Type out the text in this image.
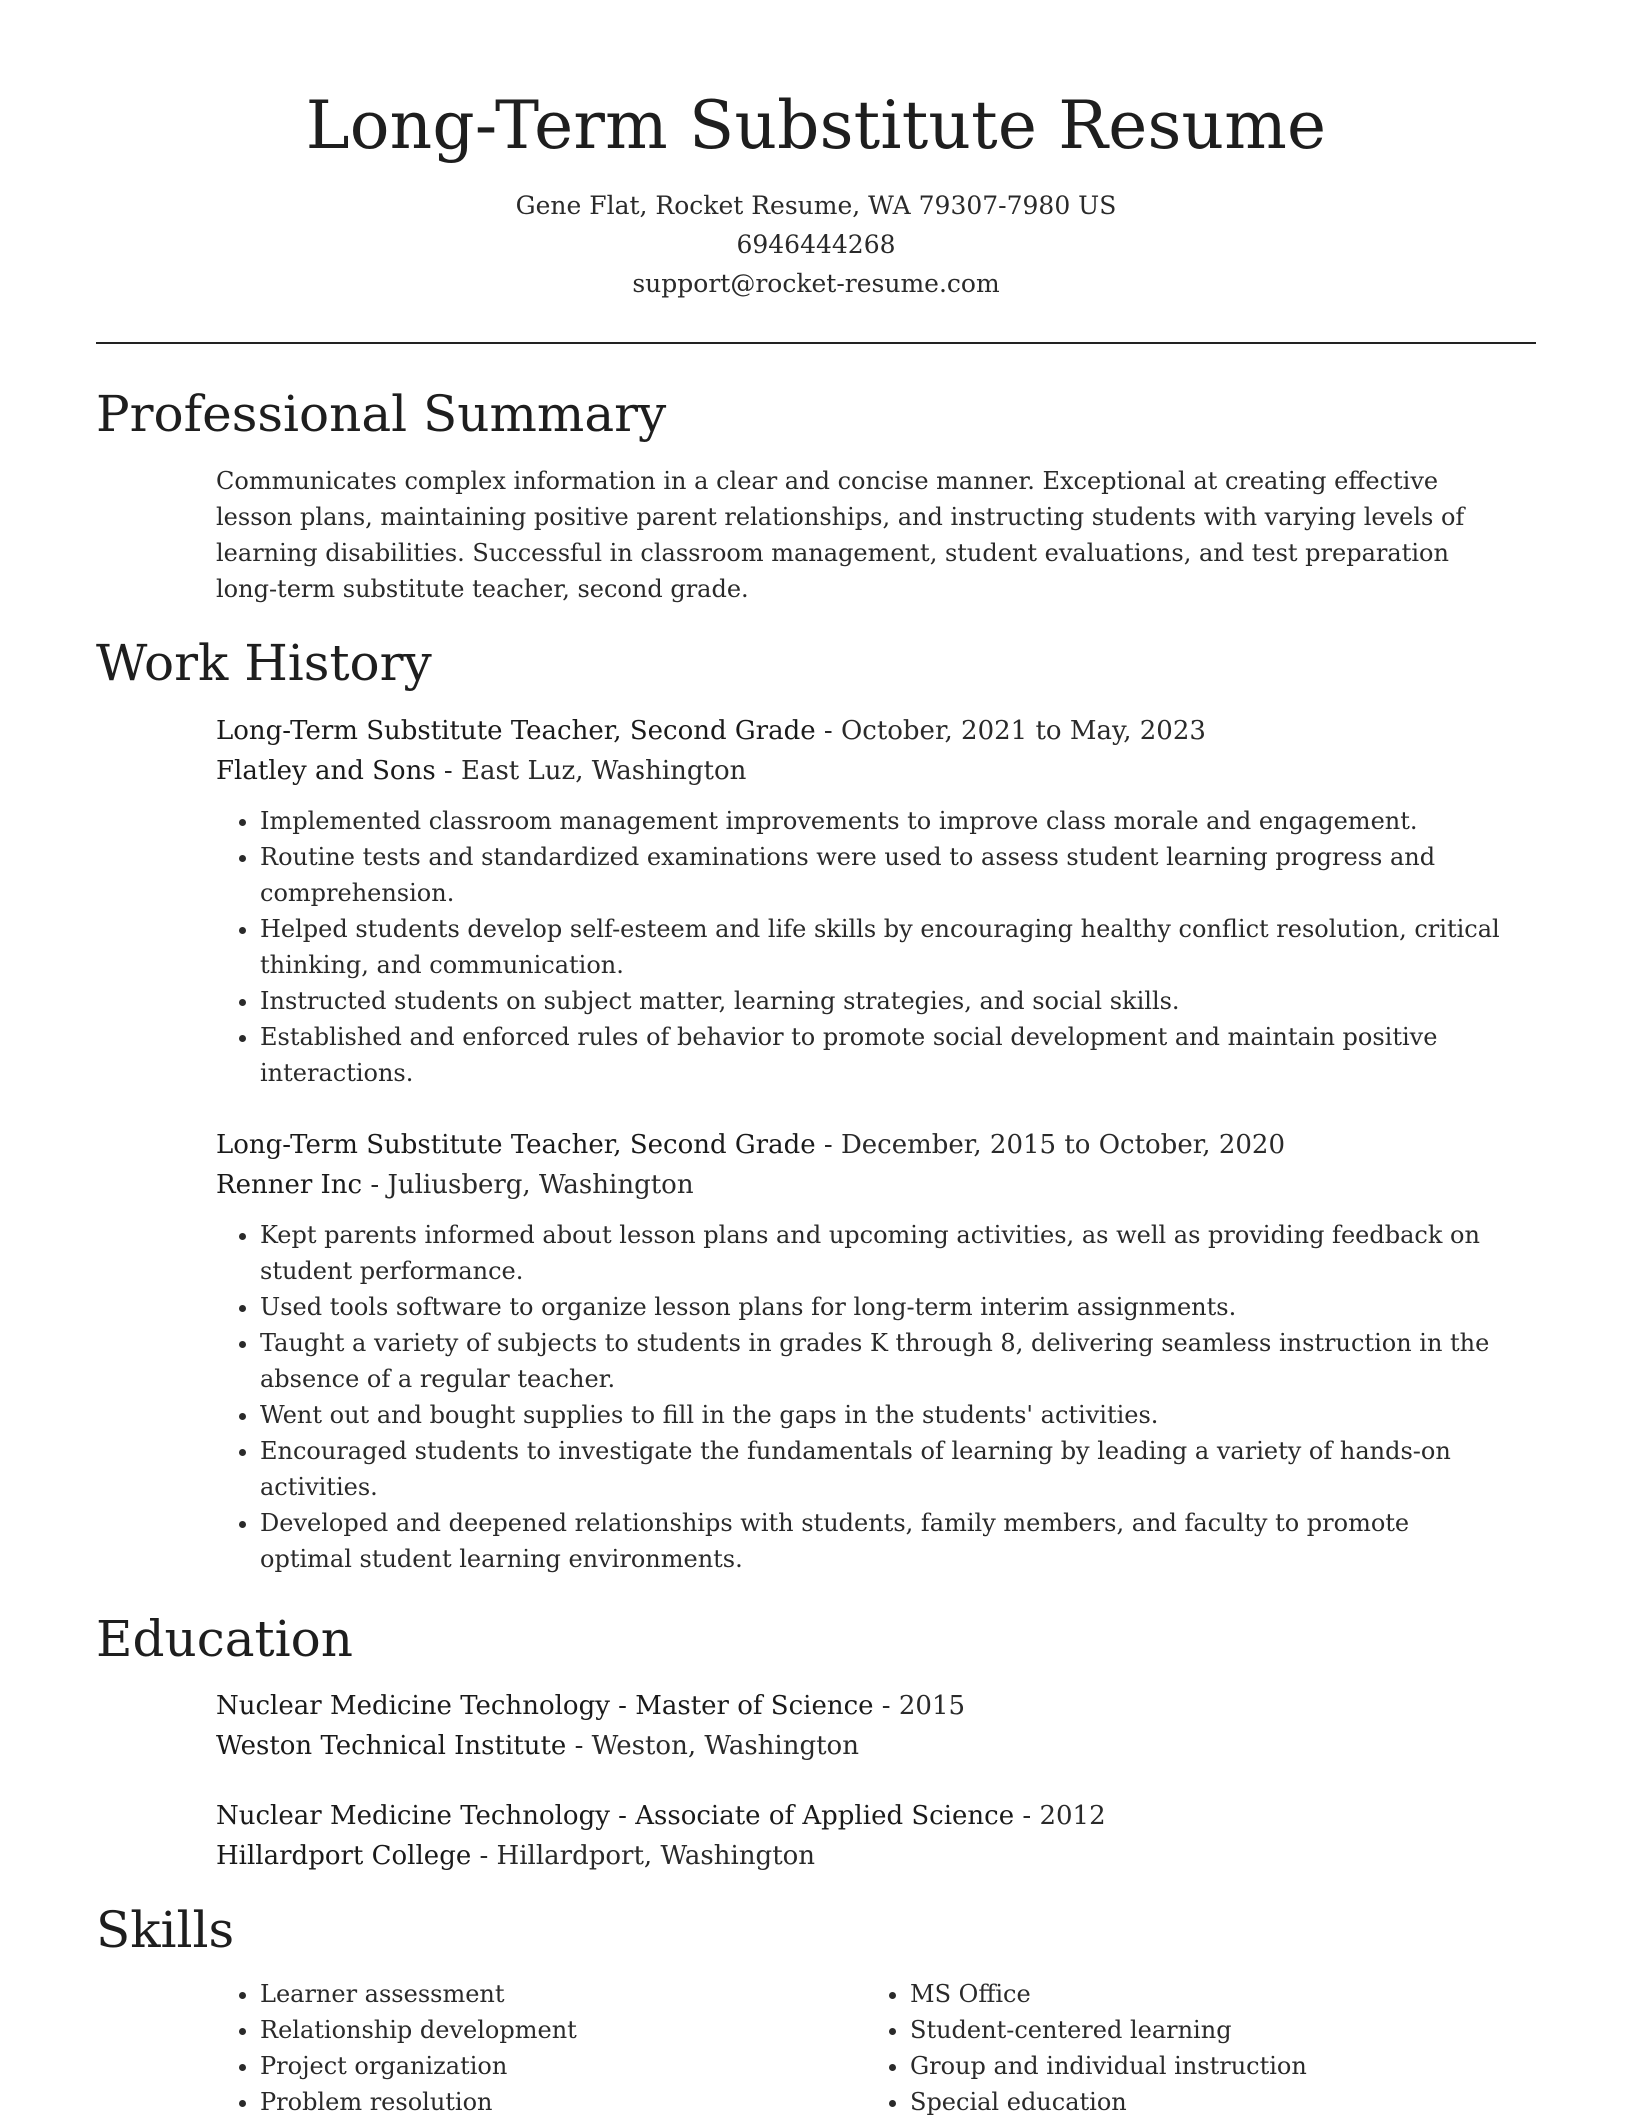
Long-Term Substitute Resume
Gene Flat, Rocket Resume, WA 79307-7980 US
6946444268
support@rocket-resume.com
Professional Summary

Communicates complex information in a clear and concise manner. Exceptional at creating effective lesson plans, maintaining positive parent relationships, and instructing students with varying levels of learning disabilities. Successful in classroom management, student evaluations, and test preparation long-term substitute teacher, second grade.

Work History
Long-Term Substitute Teacher, Second Grade - October, 2021 to May, 2023
Flatley and Sons - East Luz, Washington
• Implemented classroom management improvements to improve class morale and engagement.
• Routine tests and standardized examinations were used to assess student learning progress and comprehension.
• Helped students develop self-esteem and life skills by encouraging healthy conflict resolution, critical thinking, and communication.
• Instructed students on subject matter, learning strategies, and social skills.
• Established and enforced rules of behavior to promote social development and maintain positive interactions.
Long-Term Substitute Teacher, Second Grade - December, 2015 to October, 2020
Renner Inc - Juliusberg, Washington
• Kept parents informed about lesson plans and upcoming activities, as well as providing feedback on student performance.
• Used tools software to organize lesson plans for long-term interim assignments.
• Taught a variety of subjects to students in grades K through 8, delivering seamless instruction in the absence of a regular teacher.
• Went out and bought supplies to fill in the gaps in the students' activities.
• Encouraged students to investigate the fundamentals of learning by leading a variety of hands-on activities.
• Developed and deepened relationships with students, family members, and faculty to promote optimal student learning environments.
Education
Nuclear Medicine Technology - Master of Science - 2015
Weston Technical Institute - Weston, Washington
Nuclear Medicine Technology - Associate of Applied Science - 2012
Hillardport College - Hillardport, Washington
Skills
• Learner assessment
• Relationship development
• Project organization
• Problem resolution
• MS Office
• Student-centered learning
• Group and individual instruction
• Special education
